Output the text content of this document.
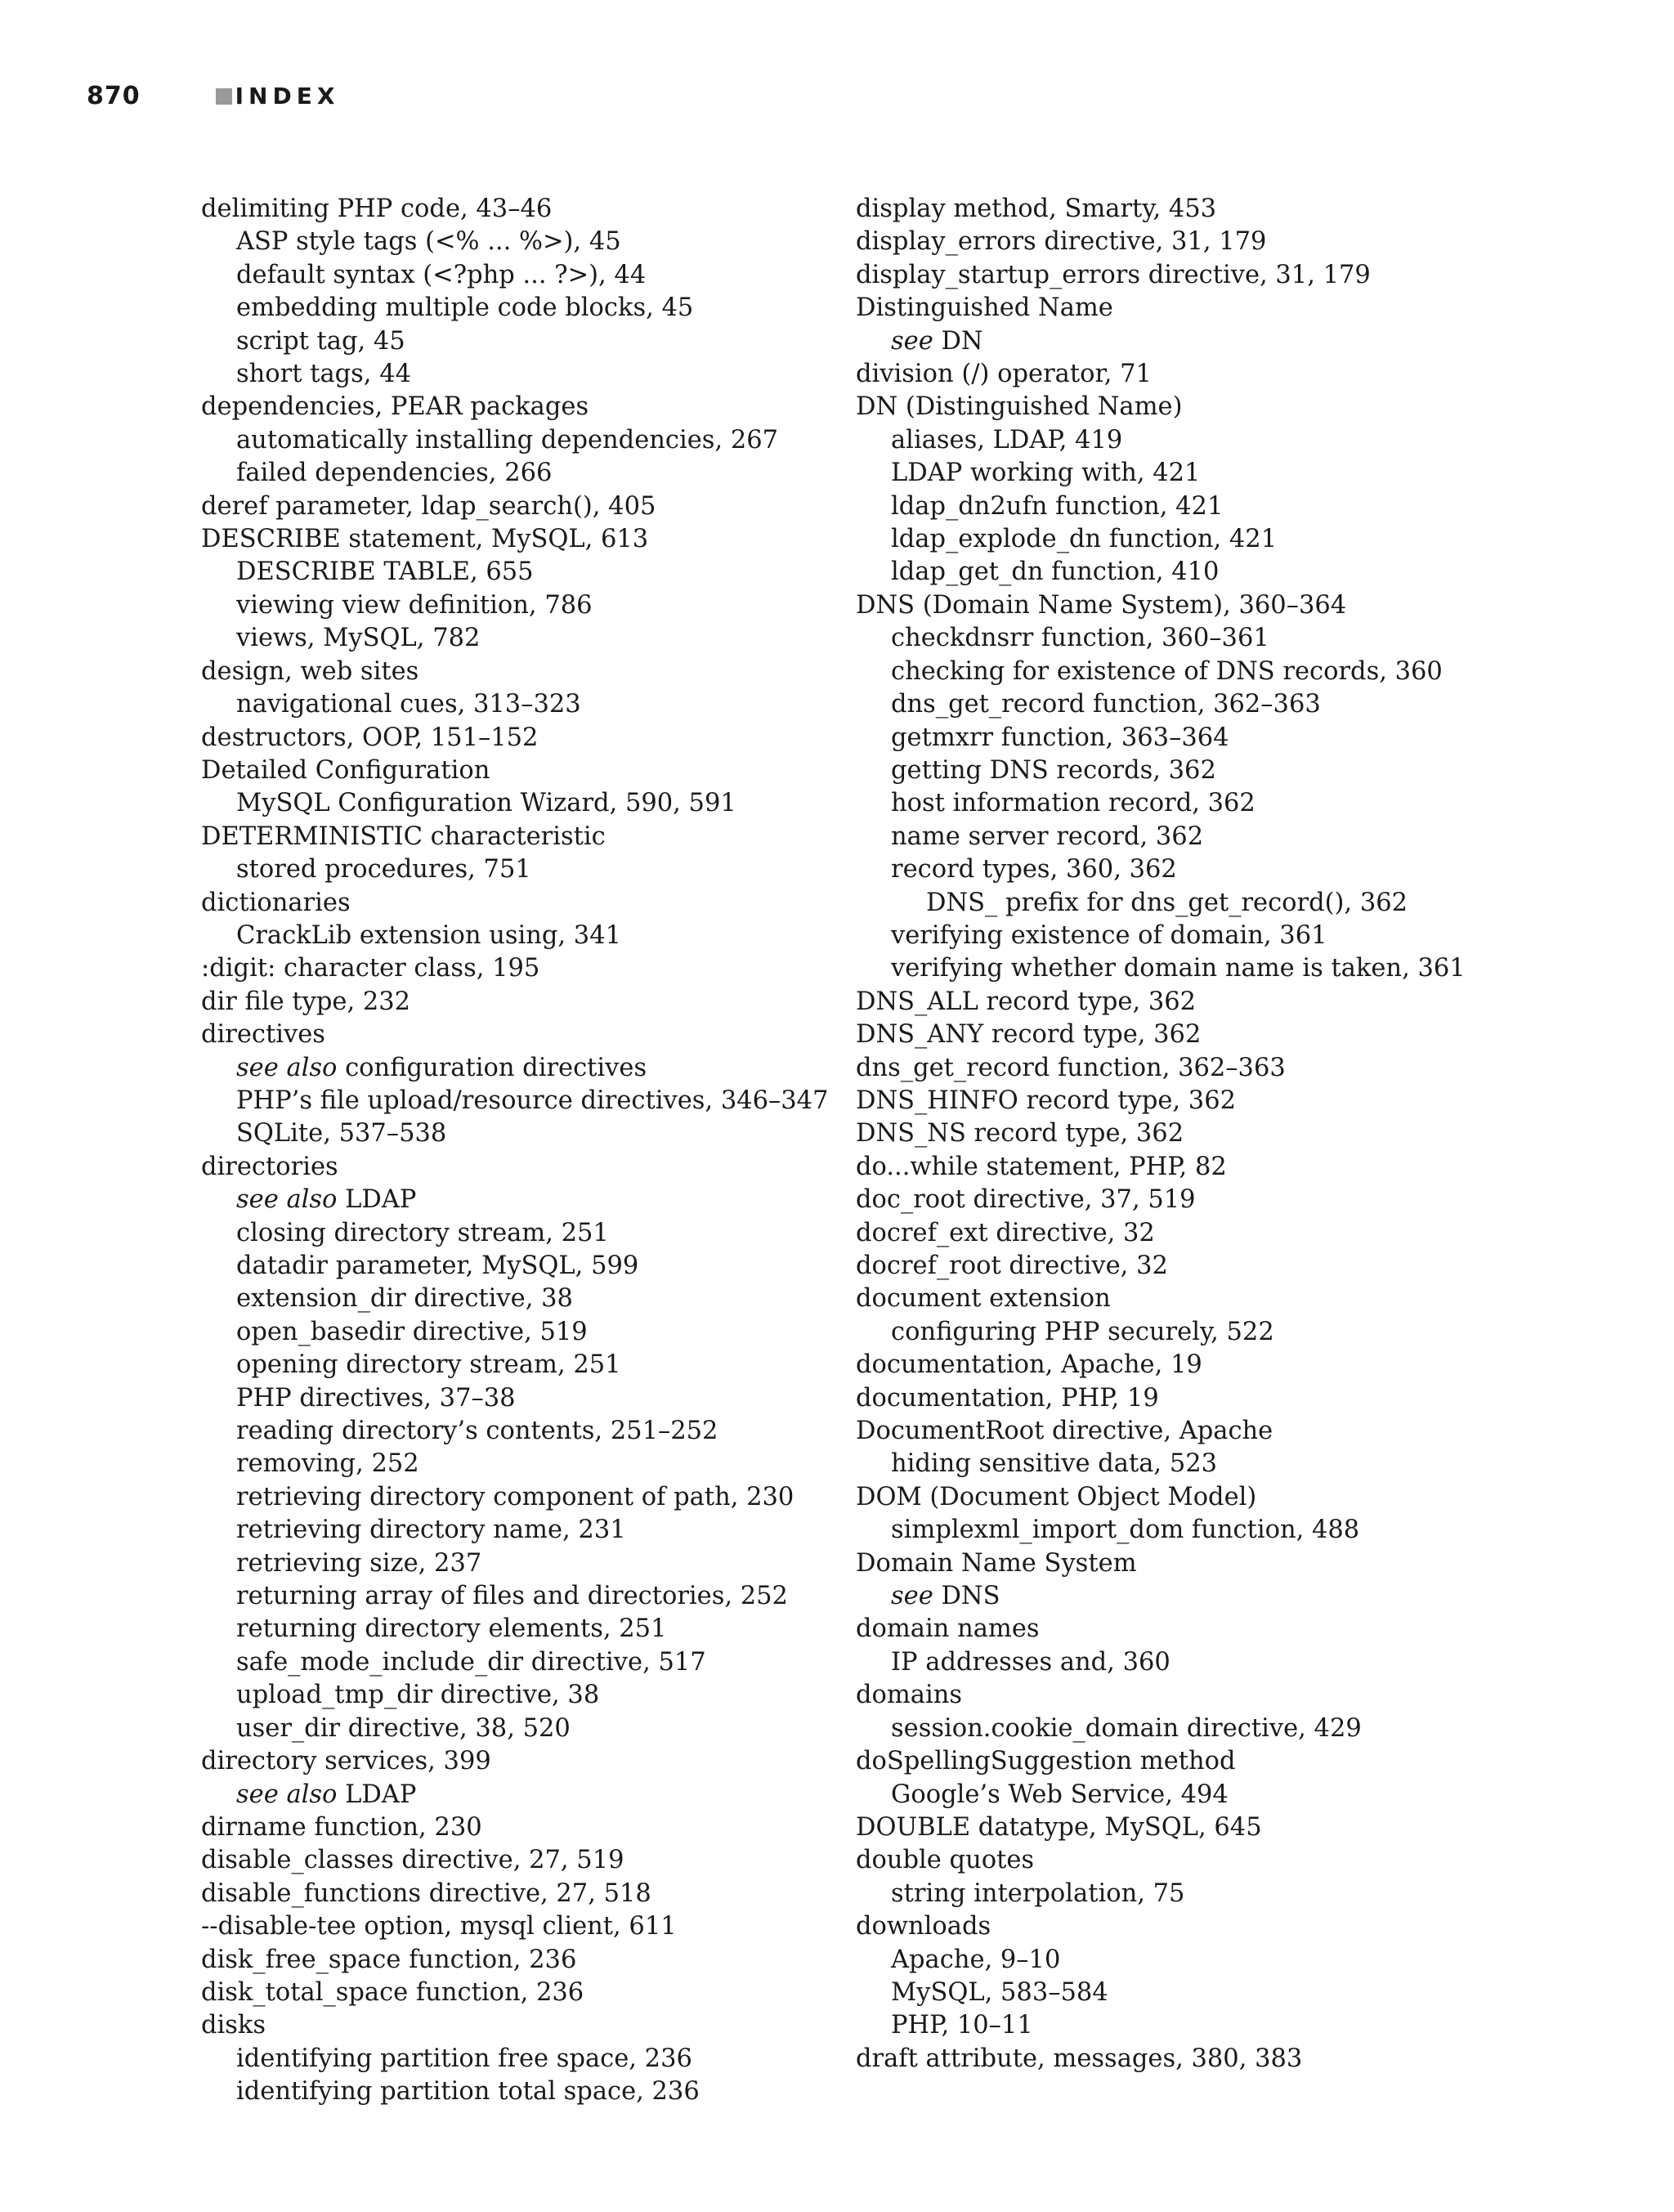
870	INDEX
delimiting PHP code, 43–46
ASP style tags (<% ... %>), 45
default syntax (<?php ... ?>), 44
embedding multiple code blocks, 45
script tag, 45
short tags, 44
dependencies, PEAR packages
automatically installing dependencies, 267
failed dependencies, 266
deref parameter, ldap_search(), 405
DESCRIBE statement, MySQL, 613
DESCRIBE TABLE, 655
viewing view definition, 786
views, MySQL, 782
design, web sites
navigational cues, 313–323
destructors, OOP, 151–152
Detailed Configuration
MySQL Configuration Wizard, 590, 591
DETERMINISTIC characteristic
stored procedures, 751
dictionaries
CrackLib extension using, 341
:digit: character class, 195
dir file type, 232
directives
see also configuration directives
PHP’s file upload/resource directives, 346–347
SQLite, 537–538
directories
see also LDAP
closing directory stream, 251
datadir parameter, MySQL, 599
extension_dir directive, 38
open_basedir directive, 519
opening directory stream, 251
PHP directives, 37–38
reading directory’s contents, 251–252
removing, 252
retrieving directory component of path, 230
retrieving directory name, 231
retrieving size, 237
returning array of files and directories, 252
returning directory elements, 251
safe_mode_include_dir directive, 517
upload_tmp_dir directive, 38
user_dir directive, 38, 520
directory services, 399
see also LDAP
dirname function, 230
disable_classes directive, 27, 519
disable_functions directive, 27, 518
--disable-tee option, mysql client, 611
disk_free_space function, 236
disk_total_space function, 236
disks
identifying partition free space, 236
identifying partition total space, 236
display method, Smarty, 453
display_errors directive, 31, 179
display_startup_errors directive, 31, 179
Distinguished Name
see DN
division (/) operator, 71
DN (Distinguished Name)
aliases, LDAP, 419
LDAP working with, 421
ldap_dn2ufn function, 421
ldap_explode_dn function, 421
ldap_get_dn function, 410
DNS (Domain Name System), 360–364
checkdnsrr function, 360–361
checking for existence of DNS records, 360
dns_get_record function, 362–363
getmxrr function, 363–364
getting DNS records, 362
host information record, 362
name server record, 362
record types, 360, 362
DNS_ prefix for dns_get_record(), 362
verifying existence of domain, 361
verifying whether domain name is taken, 361
DNS_ALL record type, 362
DNS_ANY record type, 362
dns_get_record function, 362–363
DNS_HINFO record type, 362
DNS_NS record type, 362
do...while statement, PHP, 82
doc_root directive, 37, 519
docref_ext directive, 32
docref_root directive, 32
document extension
configuring PHP securely, 522
documentation, Apache, 19
documentation, PHP, 19
DocumentRoot directive, Apache
hiding sensitive data, 523
DOM (Document Object Model)
simplexml_import_dom function, 488
Domain Name System
see DNS
domain names
IP addresses and, 360
domains
session.cookie_domain directive, 429
doSpellingSuggestion method
Google’s Web Service, 494
DOUBLE datatype, MySQL, 645
double quotes
string interpolation, 75
downloads
Apache, 9–10
MySQL, 583–584
PHP, 10–11
draft attribute, messages, 380, 383
